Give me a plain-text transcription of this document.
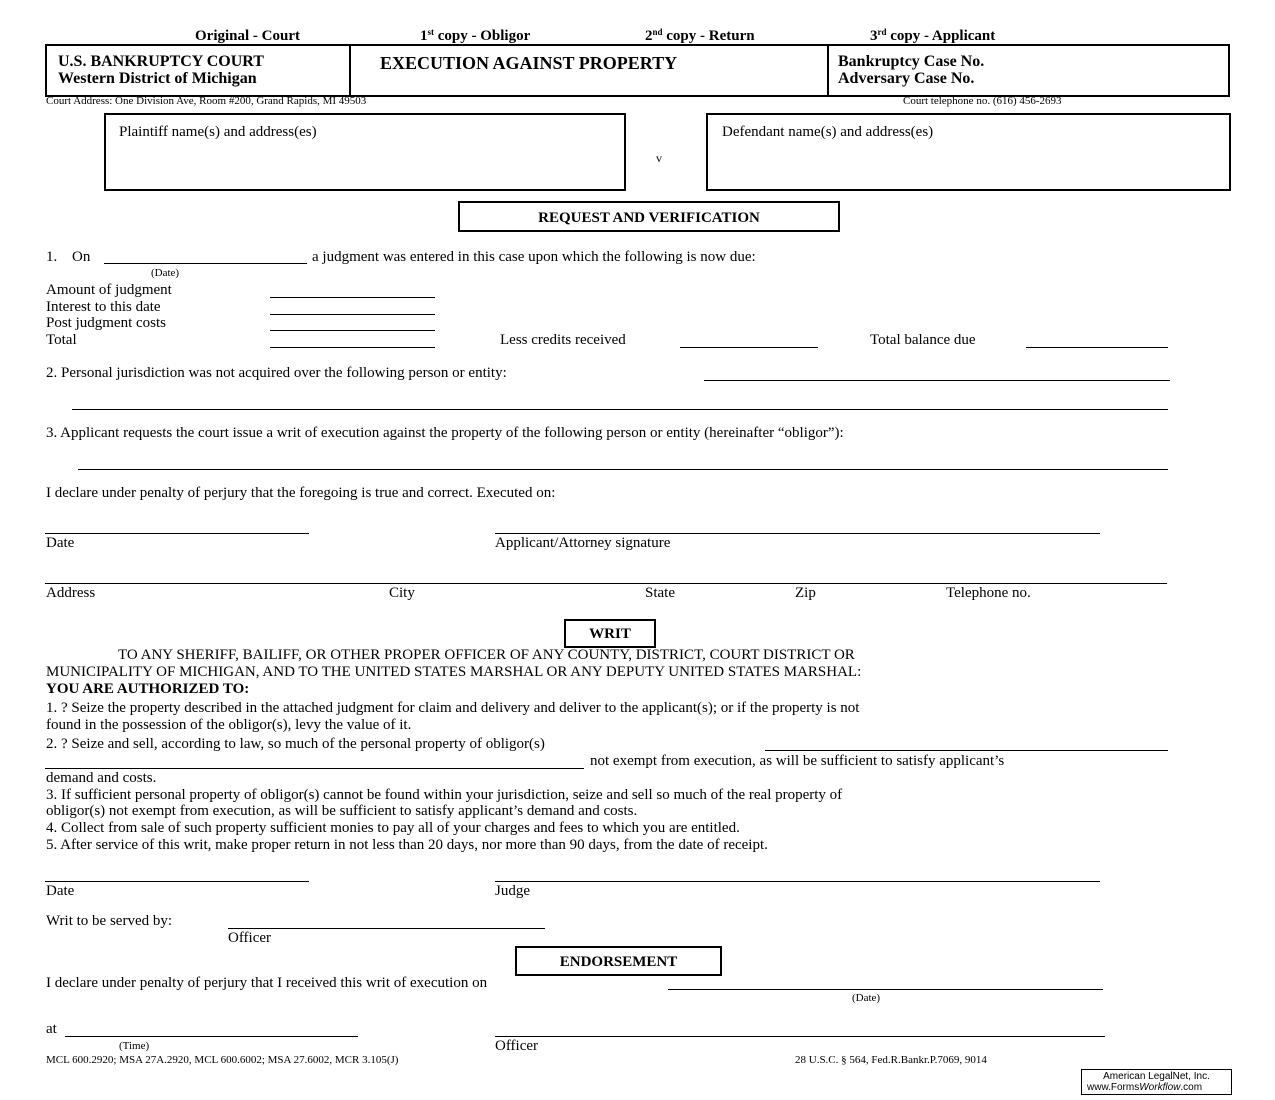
Original - Court	1st copy - Obligor	2nd copy - Return	3rd copy - Applicant
U.S. BANKRUPTCY COURT
Western District of Michigan
EXECUTION AGAINST PROPERTY	Bankruptcy Case No.
Adversary Case No.
Court Address: One Division Ave, Room #200, Grand Rapids, MI 49503	Court telephone no. (616) 456-2693
Plaintiff name(s) and address(es)
v
Defendant name(s) and address(es)
REQUEST AND VERIFICATION
1. On	a judgment was entered in this case upon which the following is now due:
(Date)
Amount of judgment
Interest to this date
Post judgment costs
Total	Less credits received	Total balance due
2. Personal jurisdiction was not acquired over the following person or entity:
3. Applicant requests the court issue a writ of execution against the property of the following person or entity (hereinafter “obligor”):
I declare under penalty of perjury that the foregoing is true and correct. Executed on:
Date	Applicant/Attorney signature
Address	City	State	Zip	Telephone no.
WRIT
TO ANY SHERIFF, BAILIFF, OR OTHER PROPER OFFICER OF ANY COUNTY, DISTRICT, COURT DISTRICT OR
MUNICIPALITY OF MICHIGAN, AND TO THE UNITED STATES MARSHAL OR ANY DEPUTY UNITED STATES MARSHAL:
YOU ARE AUTHORIZED TO:
1. ? Seize the property described in the attached judgment for claim and delivery and deliver to the applicant(s); or if the property is not
found in the possession of the obligor(s), levy the value of it.
2. ? Seize and sell, according to law, so much of the personal property of obligor(s)
not exempt from execution, as will be sufficient to satisfy applicant’s
demand and costs.
3. If sufficient personal property of obligor(s) cannot be found within your jurisdiction, seize and sell so much of the real property of
obligor(s) not exempt from execution, as will be sufficient to satisfy applicant’s demand and costs.
4. Collect from sale of such property sufficient monies to pay all of your charges and fees to which you are entitled.
5. After service of this writ, make proper return in not less than 20 days, nor more than 90 days, from the date of receipt.
Date	Judge
Writ to be served by:
Officer
ENDORSEMENT
I declare under penalty of perjury that I received this writ of execution on
(Date)
at
(Time)	Officer
MCL 600.2920; MSA 27A.2920, MCL 600.6002; MSA 27.6002, MCR 3.105(J)	28 U.S.C. § 564, Fed.R.Bankr.P.7069, 9014
American LegalNet, Inc.
www.FormsWorkflow.com
